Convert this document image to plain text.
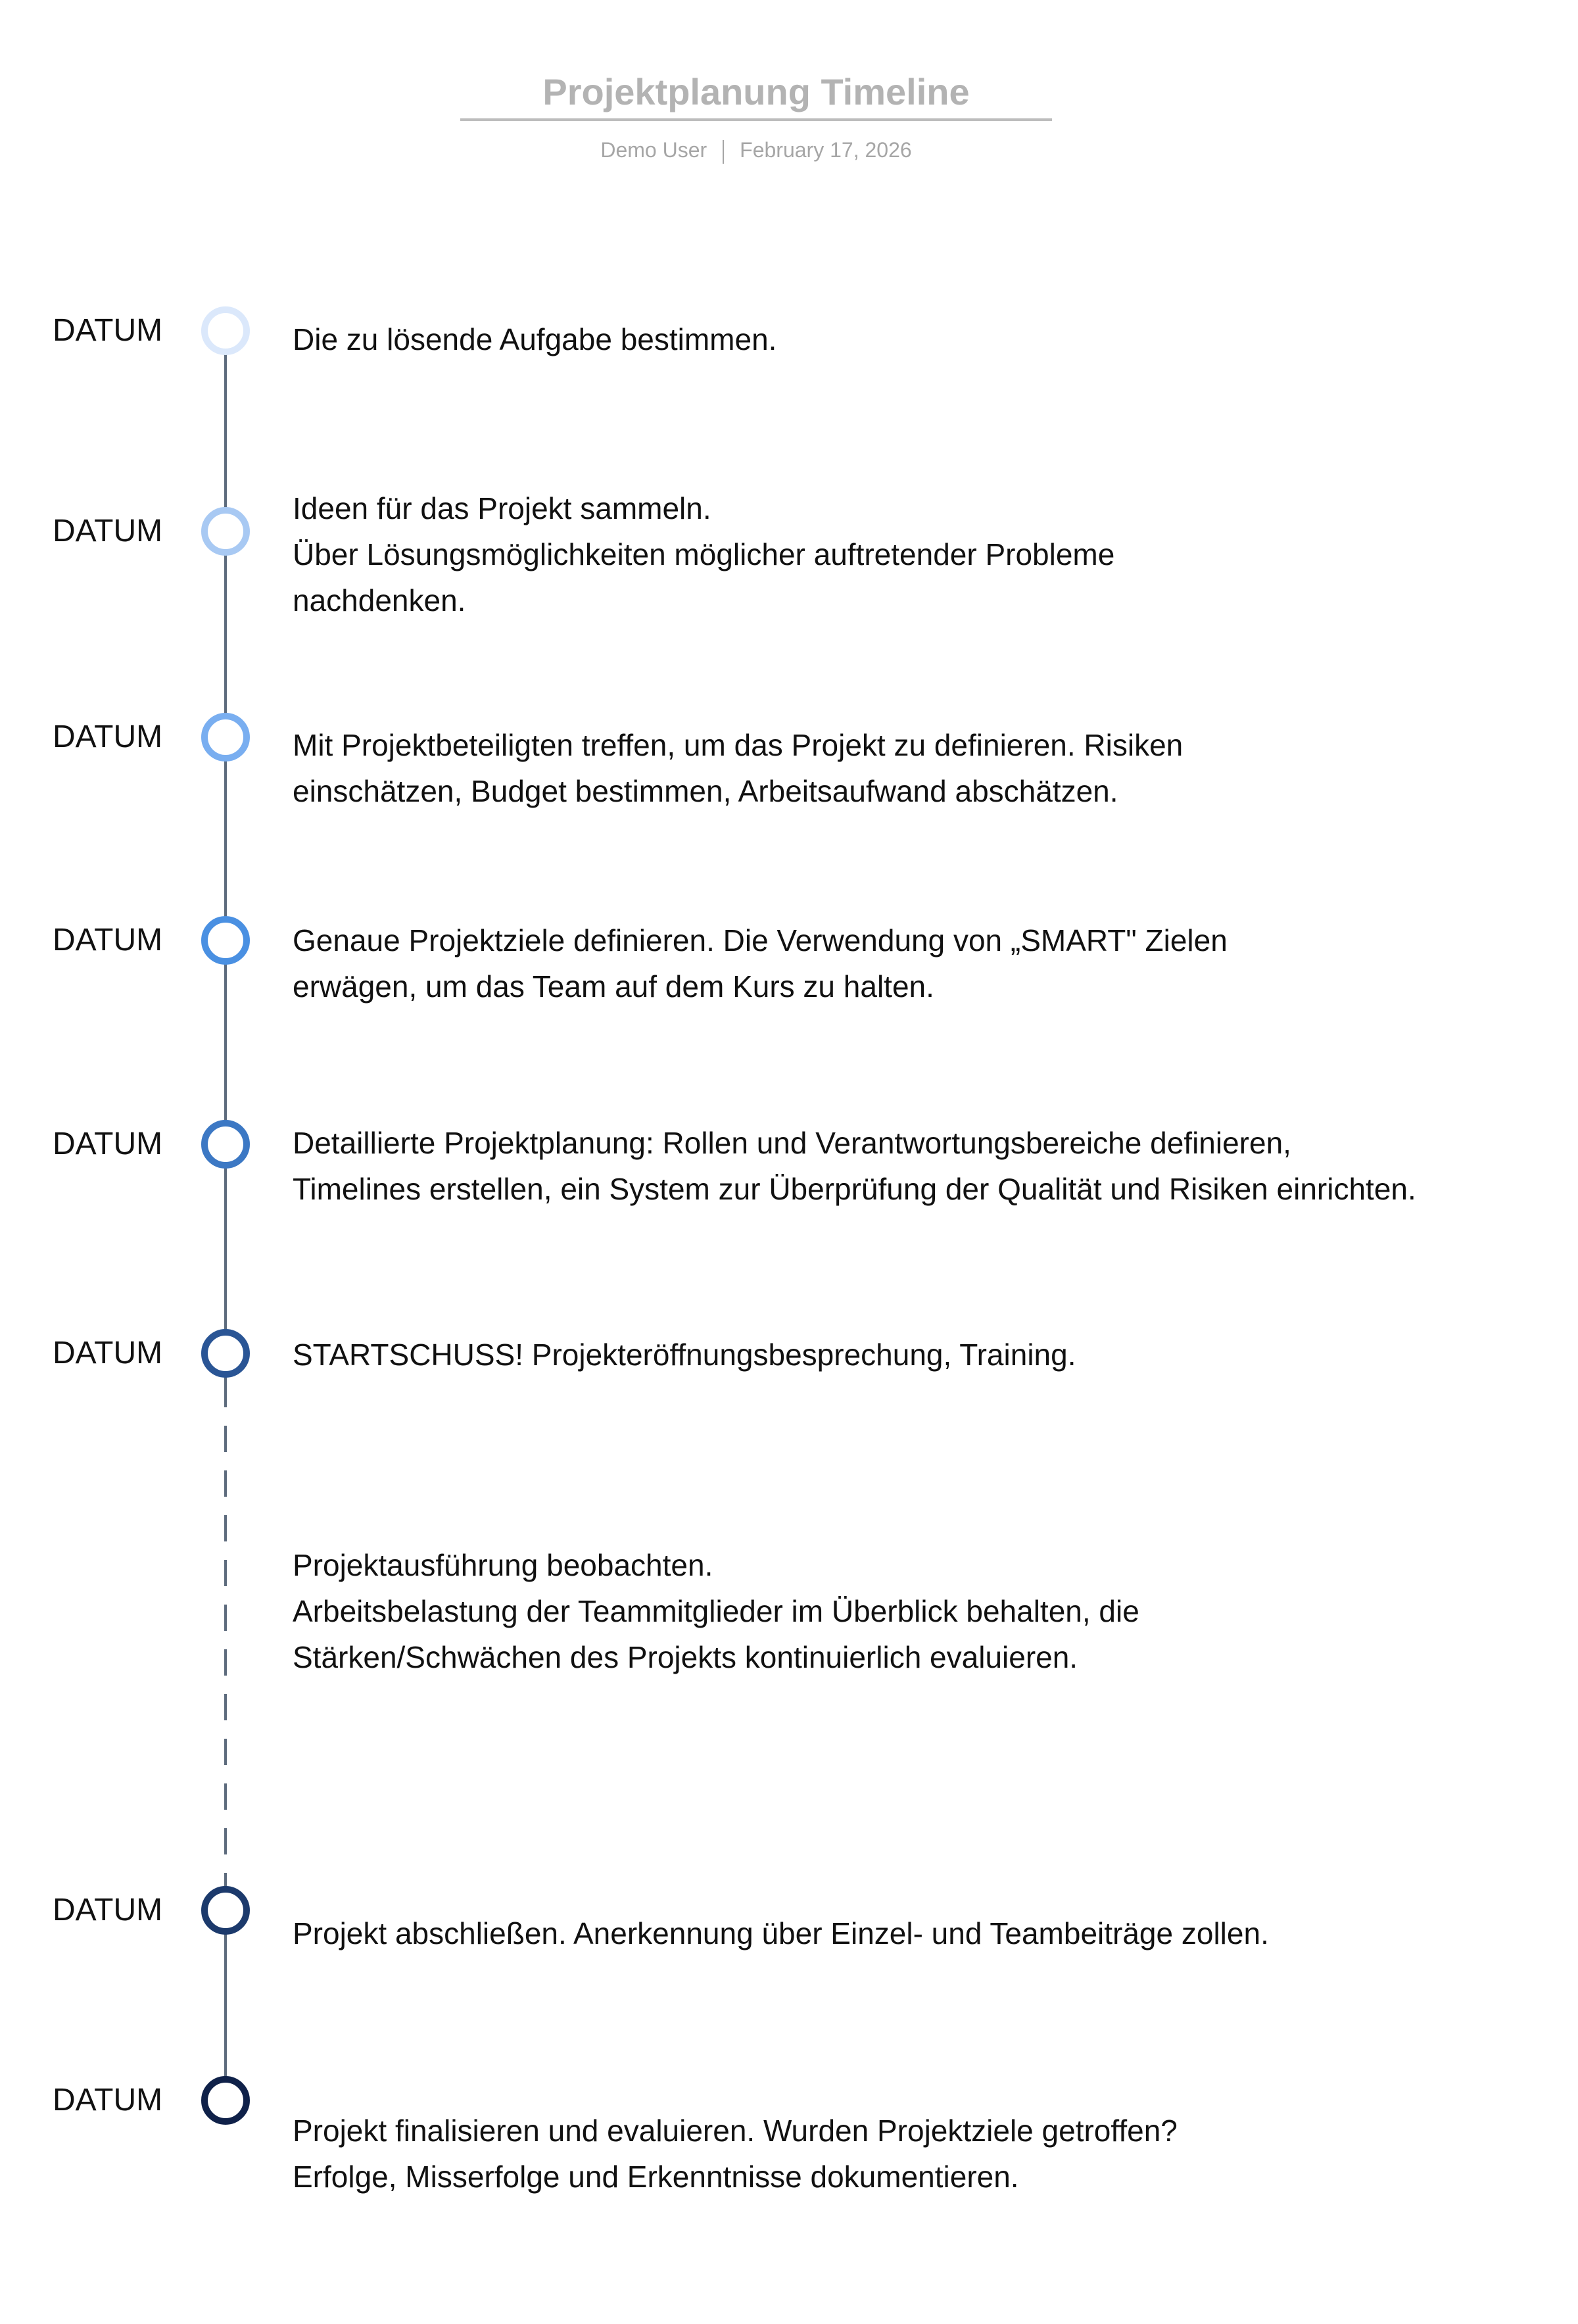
Projektplanung Timeline
Demo User February 17, 2026
DATUM
DATUM
DATUM
DATUM
DATUM
DATUM
DATUM
DATUM
Die zu lösende Aufgabe bestimmen.
Ideen für das Projekt sammeln.
Über Lösungsmöglichkeiten möglicher auftretender Probleme
nachdenken.
Mit Projektbeteiligten treffen, um das Projekt zu definieren. Risiken
einschätzen, Budget bestimmen, Arbeitsaufwand abschätzen.
Genaue Projektziele definieren. Die Verwendung von „SMART" Zielen
erwägen, um das Team auf dem Kurs zu halten.
Detaillierte Projektplanung: Rollen und Verantwortungsbereiche definieren,
Timelines erstellen, ein System zur Überprüfung der Qualität und Risiken einrichten.
STARTSCHUSS! Projekteröffnungsbesprechung, Training.
Projektausführung beobachten.
Arbeitsbelastung der Teammitglieder im Überblick behalten, die
Stärken/Schwächen des Projekts kontinuierlich evaluieren.
Projekt abschließen. Anerkennung über Einzel- und Teambeiträge zollen.
Projekt finalisieren und evaluieren. Wurden Projektziele getroffen?
Erfolge, Misserfolge und Erkenntnisse dokumentieren.
